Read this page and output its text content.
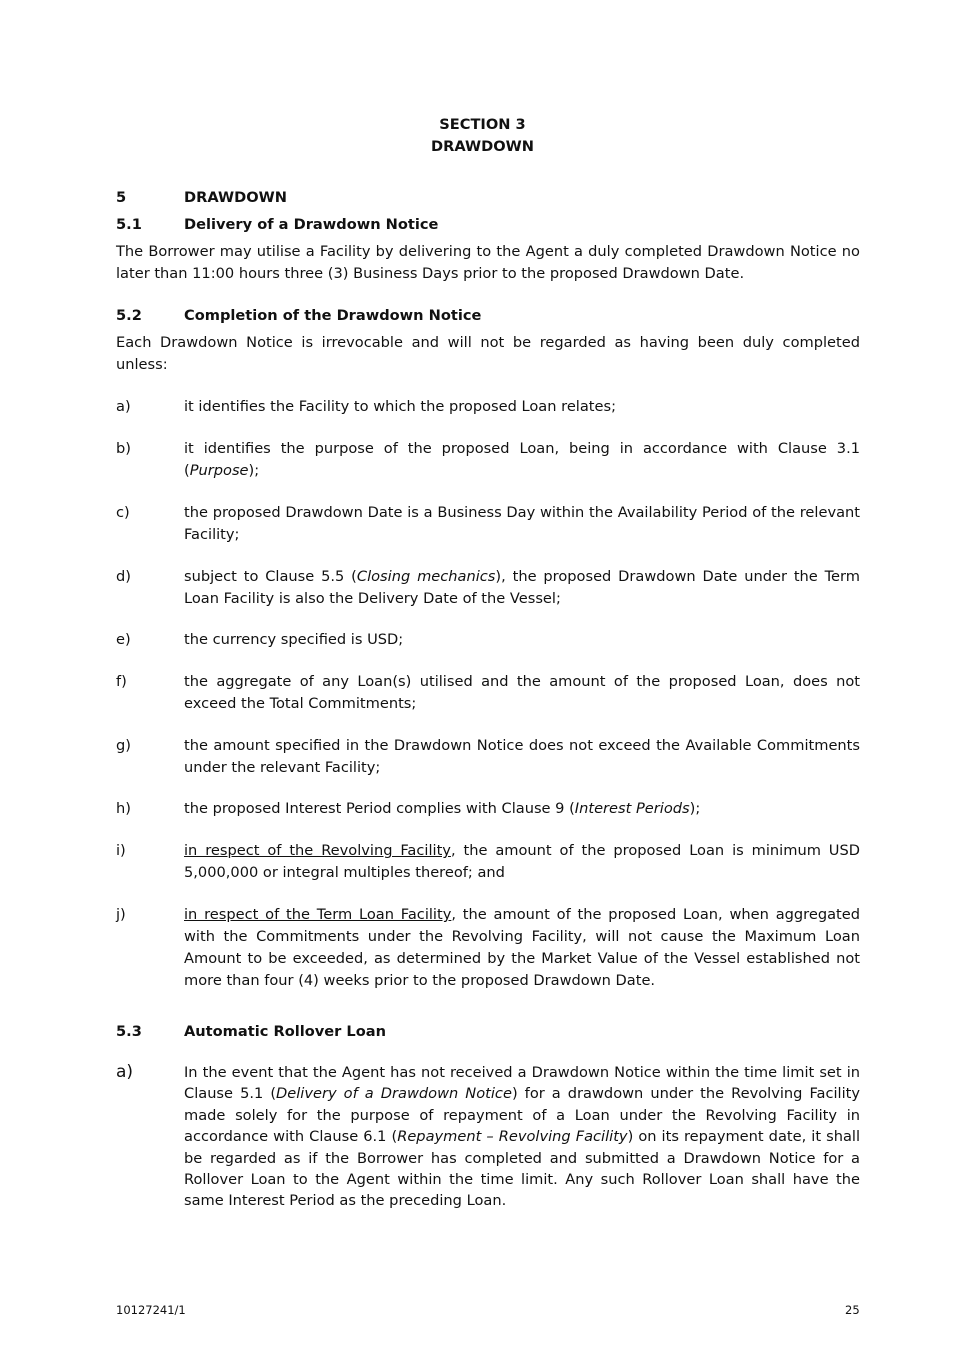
SECTION 3
DRAWDOWN
5	DRAWDOWN
5.1	Delivery of a Drawdown Notice
The Borrower may utilise a Facility by delivering to the Agent a duly completed Drawdown Notice no later than 11:00 hours three (3) Business Days prior to the proposed Drawdown Date.
5.2	Completion of the Drawdown Notice
Each Drawdown Notice is irrevocable and will not be regarded as having been duly completed unless:
a)	it identifies the Facility to which the proposed Loan relates;
b)	it identifies the purpose of the proposed Loan, being in accordance with Clause 3.1 (Purpose);
c)	the proposed Drawdown Date is a Business Day within the Availability Period of the relevant Facility;
d)	subject to Clause 5.5 (Closing mechanics), the proposed Drawdown Date under the Term Loan Facility is also the Delivery Date of the Vessel;
e)	the currency specified is USD;
f)	the aggregate of any Loan(s) utilised and the amount of the proposed Loan, does not exceed the Total Commitments;
g)	the amount specified in the Drawdown Notice does not exceed the Available Commitments under the relevant Facility;
h)	the proposed Interest Period complies with Clause 9 (Interest Periods);
i)	in respect of the Revolving Facility, the amount of the proposed Loan is minimum USD 5,000,000 or integral multiples thereof; and
j)	in respect of the Term Loan Facility, the amount of the proposed Loan, when aggregated with the Commitments under the Revolving Facility, will not cause the Maximum Loan Amount to be exceeded, as determined by the Market Value of the Vessel established not more than four (4) weeks prior to the proposed Drawdown Date.
5.3	Automatic Rollover Loan
a)	In the event that the Agent has not received a Drawdown Notice within the time limit set in Clause 5.1 (Delivery of a Drawdown Notice) for a drawdown under the Revolving Facility made solely for the purpose of repayment of a Loan under the Revolving Facility in accordance with Clause 6.1 (Repayment – Revolving Facility) on its repayment date, it shall be regarded as if the Borrower has completed and submitted a Drawdown Notice for a Rollover Loan to the Agent within the time limit. Any such Rollover Loan shall have the same Interest Period as the preceding Loan.
10127241/1	25
